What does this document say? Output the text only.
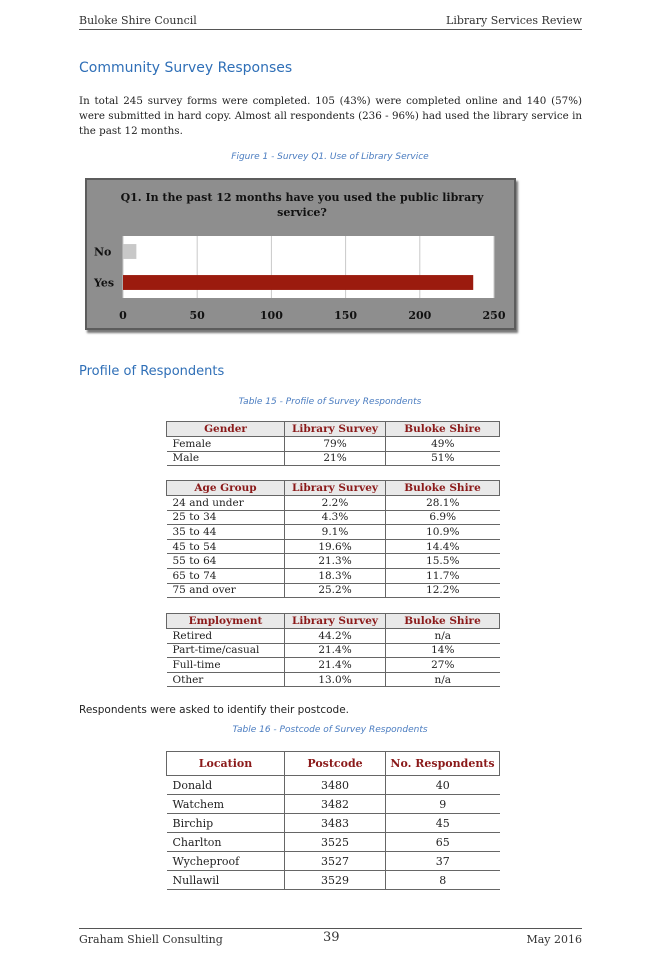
Buloke Shire Council	Library Services Review
Community Survey Responses

In total 245 survey forms were completed. 105 (43%) were completed online and 140 (57%) were submitted in hard copy. Almost all respondents (236 - 96%) had used the library service in the past 12 months.

Figure 1 - Survey Q1. Use of Library Service
Q1. In the past 12 months have you used the public library service?
No
Yes
0	50	100	150	200	250
Profile of Respondents
Table 15 - Profile of Survey Respondents
Gender	Library Survey	Buloke Shire
Female	79%	49%
Male	21%	51%
Age Group	Library Survey	Buloke Shire
24 and under	2.2%	28.1%
25 to 34	4.3%	6.9%
35 to 44	9.1%	10.9%
45 to 54	19.6%	14.4%
55 to 64	21.3%	15.5%
65 to 74	18.3%	11.7%
75 and over	25.2%	12.2%
Employment	Library Survey	Buloke Shire
Retired	44.2%	n/a
Part-time/casual	21.4%	14%
Full-time	21.4%	27%
Other	13.0%	n/a

Respondents were asked to identify their postcode.

Table 16 - Postcode of Survey Respondents
Location	Postcode	No. Respondents
Donald	3480	40
Watchem	3482	9
Birchip	3483	45
Charlton	3525	65
Wycheproof	3527	37
Nullawil	3529	8
Graham Shiell Consulting	39	May 2016
